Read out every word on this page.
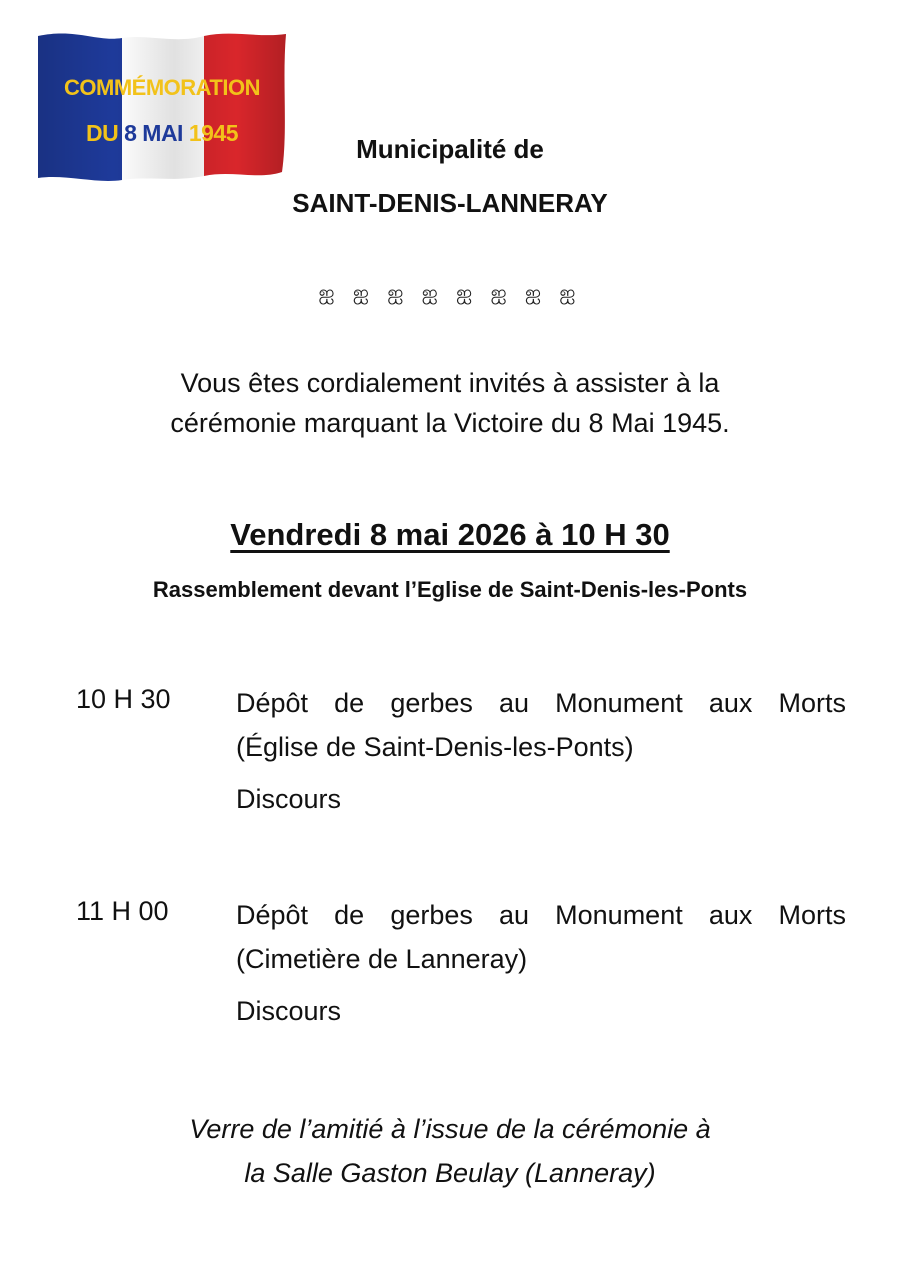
COMMÉMORATION
DU 8 MAI 1945
Municipalité de
SAINT-DENIS-LANNERAY
ஐ ஐ ஐ ஐ ஐ ஐ ஐ ஐ
Vous êtes cordialement invités à assister à la
cérémonie marquant la Victoire du 8 Mai 1945.
Vendredi 8 mai 2026 à 10 H 30
Rassemblement devant l’Eglise de Saint-Denis-les-Ponts
10 H 30 Dépôt de gerbes au Monument aux Morts
(Église de Saint-Denis-les-Ponts)
Discours
11 H 00 Dépôt de gerbes au Monument aux Morts
(Cimetière de Lanneray)
Discours
Verre de l’amitié à l’issue de la cérémonie à
la Salle Gaston Beulay (Lanneray)
